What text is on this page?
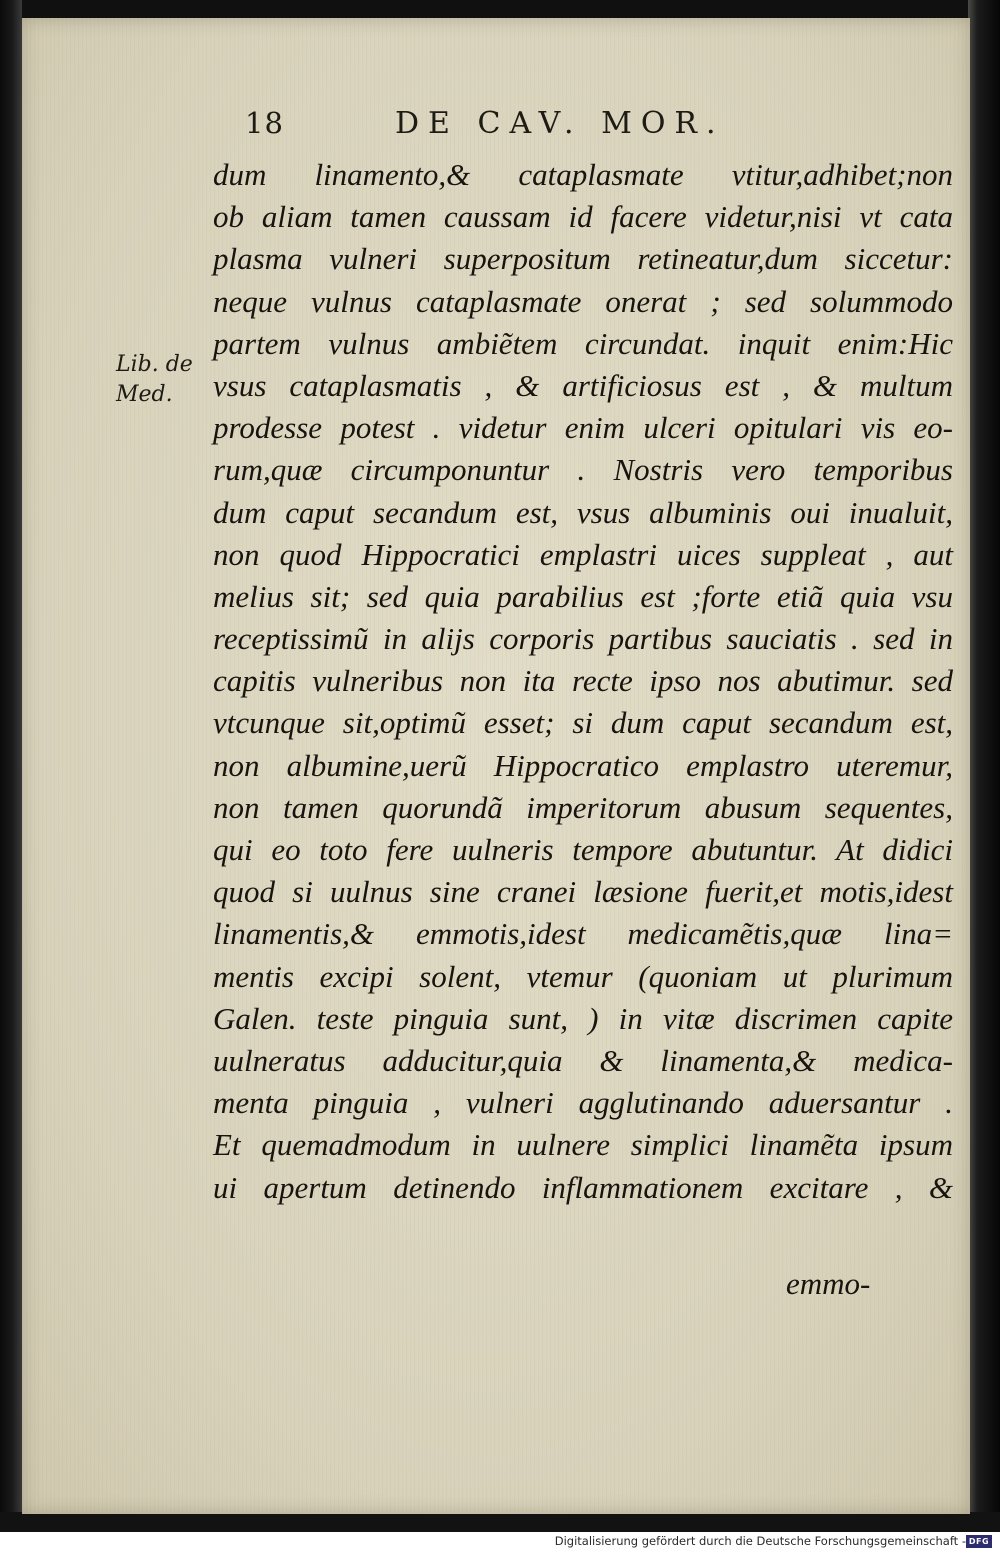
18	DE CAV. MOR.
Lib. de
Med.
dum linamento,& cataplasmate vtitur,adhibet;non
ob aliam tamen caussam id facere videtur,nisi vt cata
plasma vulneri superpositum retineatur,dum siccetur:
neque vulnus cataplasmate onerat ; sed solummodo
partem vulnus ambiẽtem circundat. inquit enim:Hic
vsus cataplasmatis , & artificiosus est , & multum
prodesse potest . videtur enim ulceri opitulari vis eo-
rum,quæ circumponuntur . Nostris vero temporibus
dum caput secandum est, vsus albuminis oui inualuit,
non quod Hippocratici emplastri uices suppleat , aut
melius sit; sed quia parabilius est ;forte etiã quia vsu
receptissimũ in alijs corporis partibus sauciatis . sed in
capitis vulneribus non ita recte ipso nos abutimur. sed
vtcunque sit,optimũ esset; si dum caput secandum est,
non albumine,uerũ Hippocratico emplastro uteremur,
non tamen quorundã imperitorum abusum sequentes,
qui eo toto fere uulneris tempore abutuntur. At didici
quod si uulnus sine cranei læsione fuerit,et motis,idest
linamentis,& emmotis,idest medicamẽtis,quæ lina=
mentis excipi solent, vtemur (quoniam ut plurimum
Galen. teste pinguia sunt, ) in vitæ discrimen capite
uulneratus adducitur,quia & linamenta,& medica-
menta pinguia , vulneri agglutinando aduersantur .
Et quemadmodum in uulnere simplici linamẽta ipsum
ui apertum detinendo inflammationem excitare , &
emmo-
Digitalisierung gefördert durch die Deutsche Forschungsgemeinschaft - DFG
